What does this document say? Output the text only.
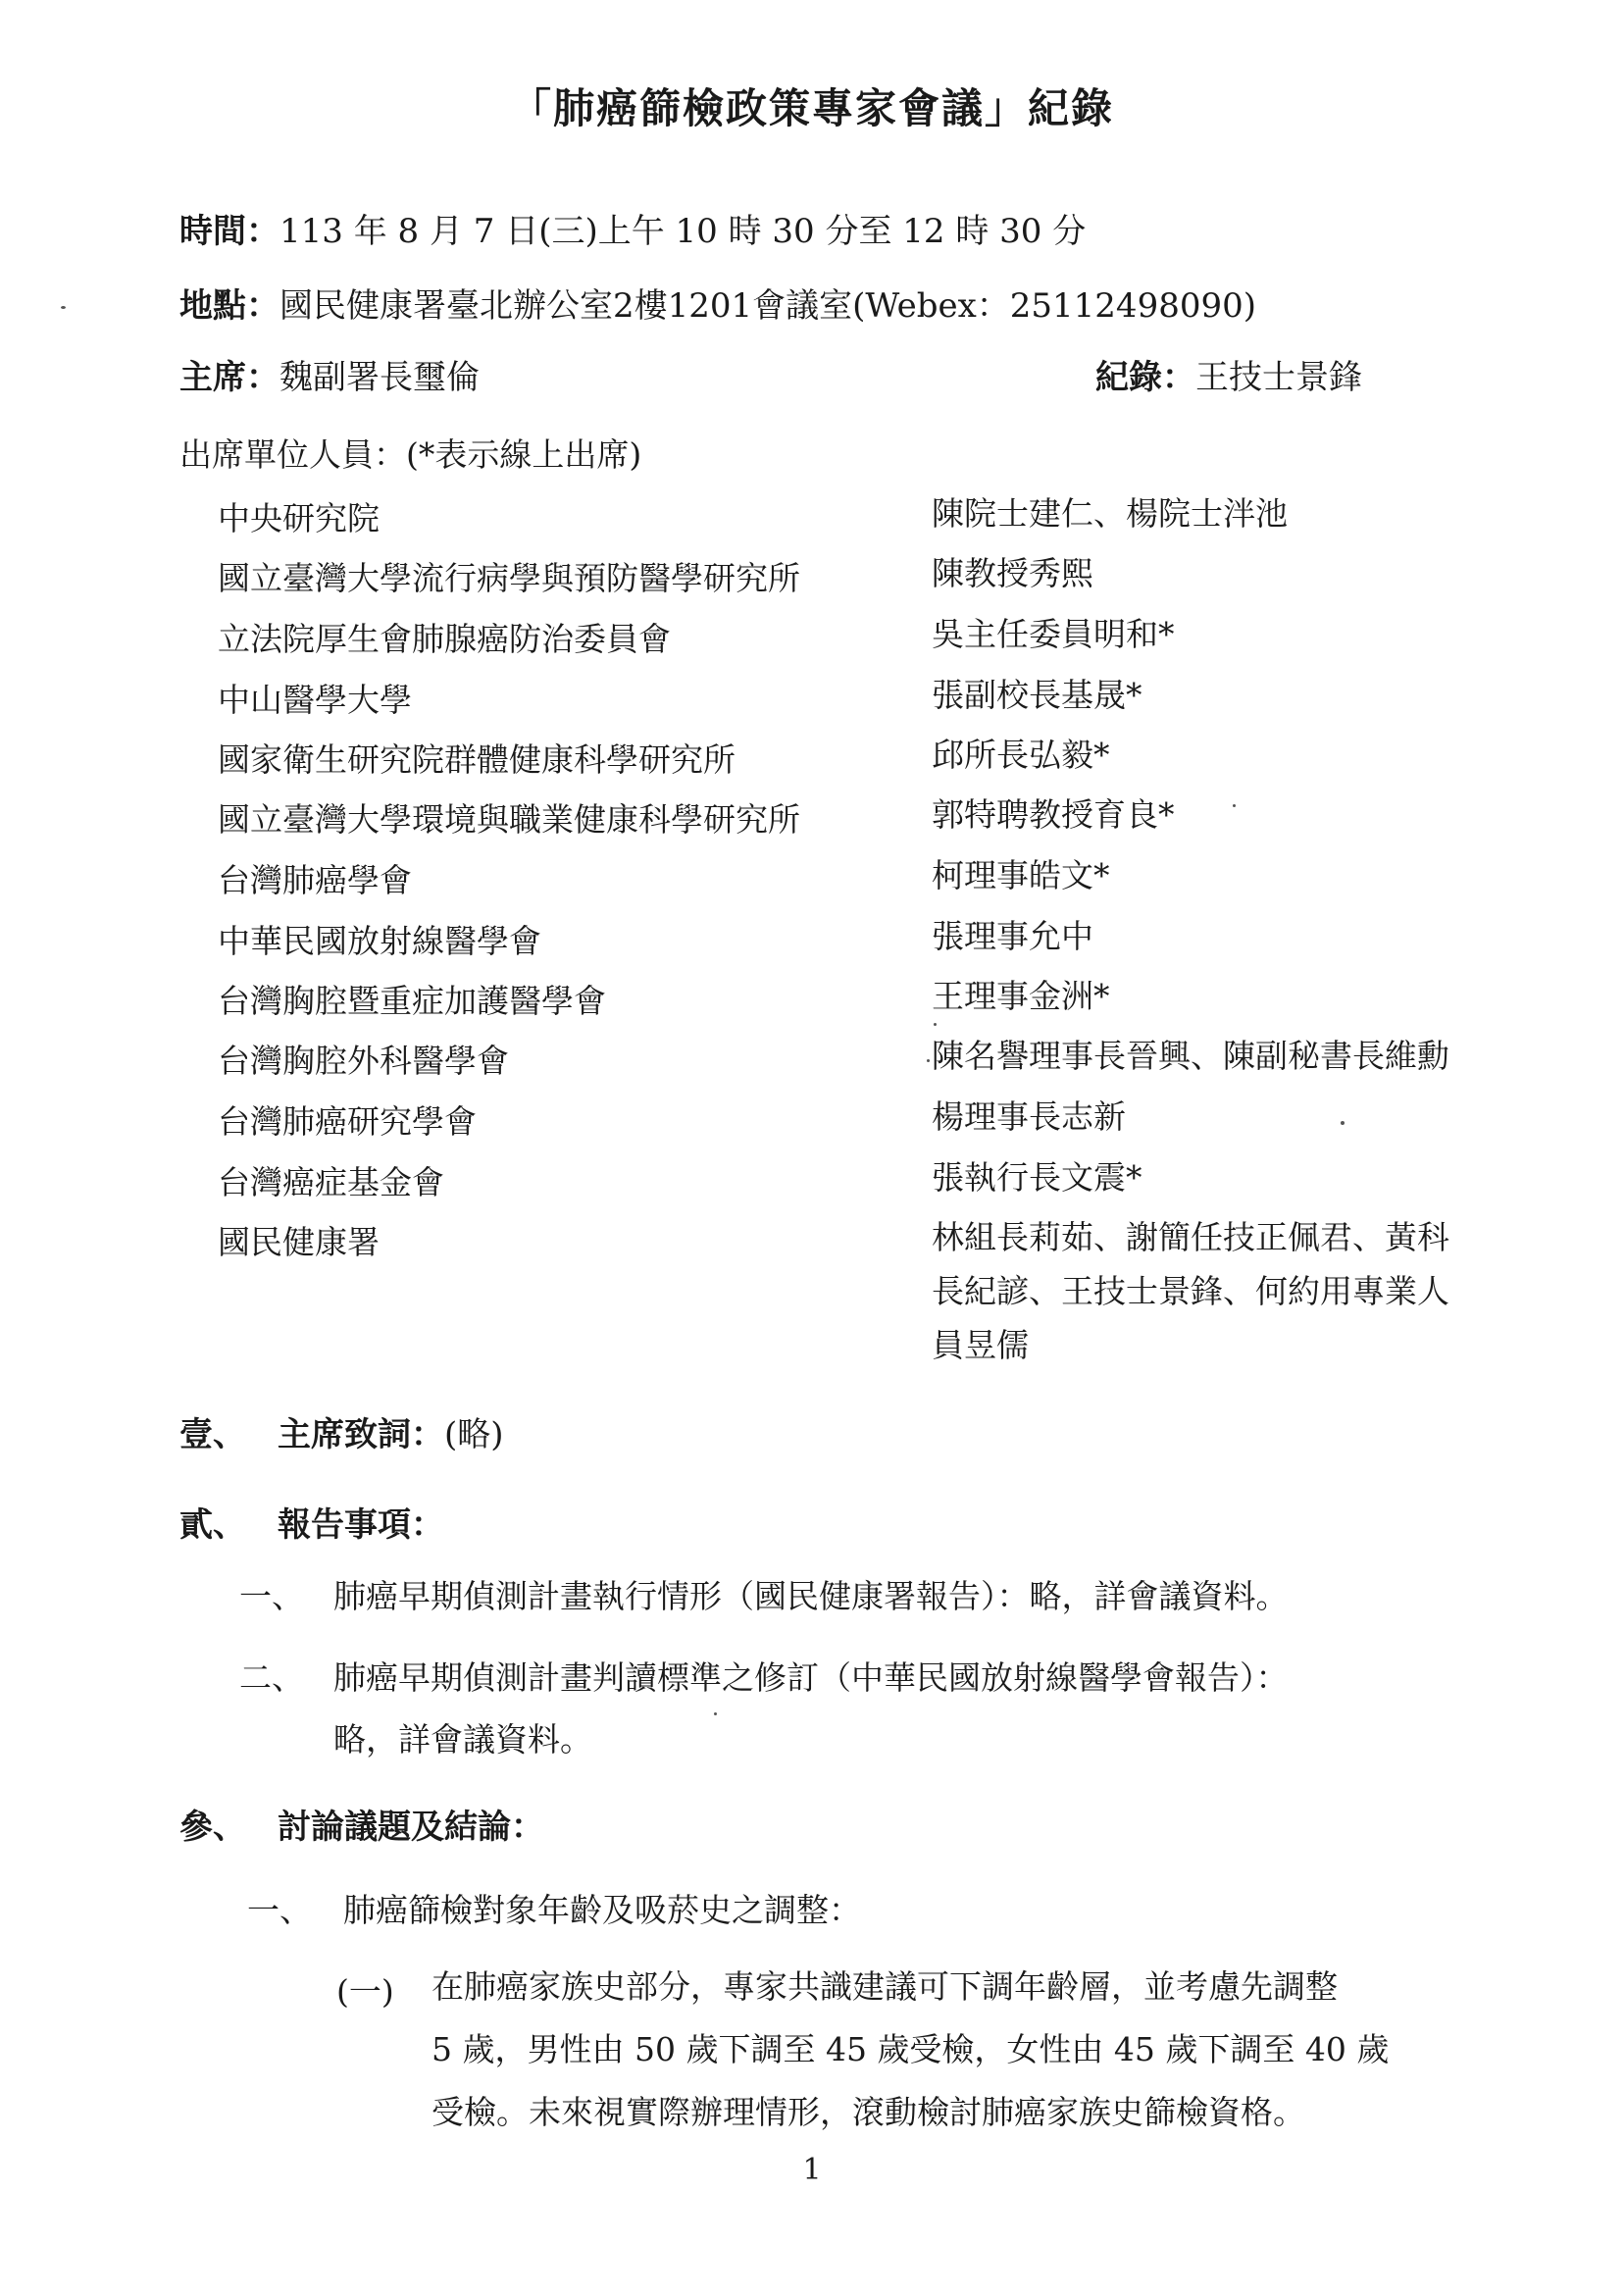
「肺癌篩檢政策專家會議」紀錄
時間：113 年 8 月 7 日(三)上午 10 時 30 分至 12 時 30 分
地點：國民健康署臺北辦公室2樓1201會議室(Webex：25112498090)
主席：魏副署長璽倫	紀錄：王技士景鋒
出席單位人員：(*表示線上出席)
中央研究院	陳院士建仁、楊院士泮池
國立臺灣大學流行病學與預防醫學研究所	陳教授秀熙
立法院厚生會肺腺癌防治委員會	吳主任委員明和*
中山醫學大學	張副校長基晟*
國家衛生研究院群體健康科學研究所	邱所長弘毅*
國立臺灣大學環境與職業健康科學研究所	郭特聘教授育良*
台灣肺癌學會	柯理事皓文*
中華民國放射線醫學會	張理事允中
台灣胸腔暨重症加護醫學會	王理事金洲*
台灣胸腔外科醫學會	陳名譽理事長晉興、陳副秘書長維勳
台灣肺癌研究學會	楊理事長志新
台灣癌症基金會	張執行長文震*
國民健康署	林組長莉茹、謝簡任技正佩君、黃科
長紀諺、王技士景鋒、何約用專業人
員昱儒
壹、 主席致詞：(略)
貳、 報告事項：
一、 肺癌早期偵測計畫執行情形（國民健康署報告）：略，詳會議資料。
二、 肺癌早期偵測計畫判讀標準之修訂（中華民國放射線醫學會報告）：
略，詳會議資料。
參、 討論議題及結論：
一、 肺癌篩檢對象年齡及吸菸史之調整：
(一) 在肺癌家族史部分，專家共識建議可下調年齡層，並考慮先調整
5 歲，男性由 50 歲下調至 45 歲受檢，女性由 45 歲下調至 40 歲
受檢。未來視實際辦理情形，滾動檢討肺癌家族史篩檢資格。
1
